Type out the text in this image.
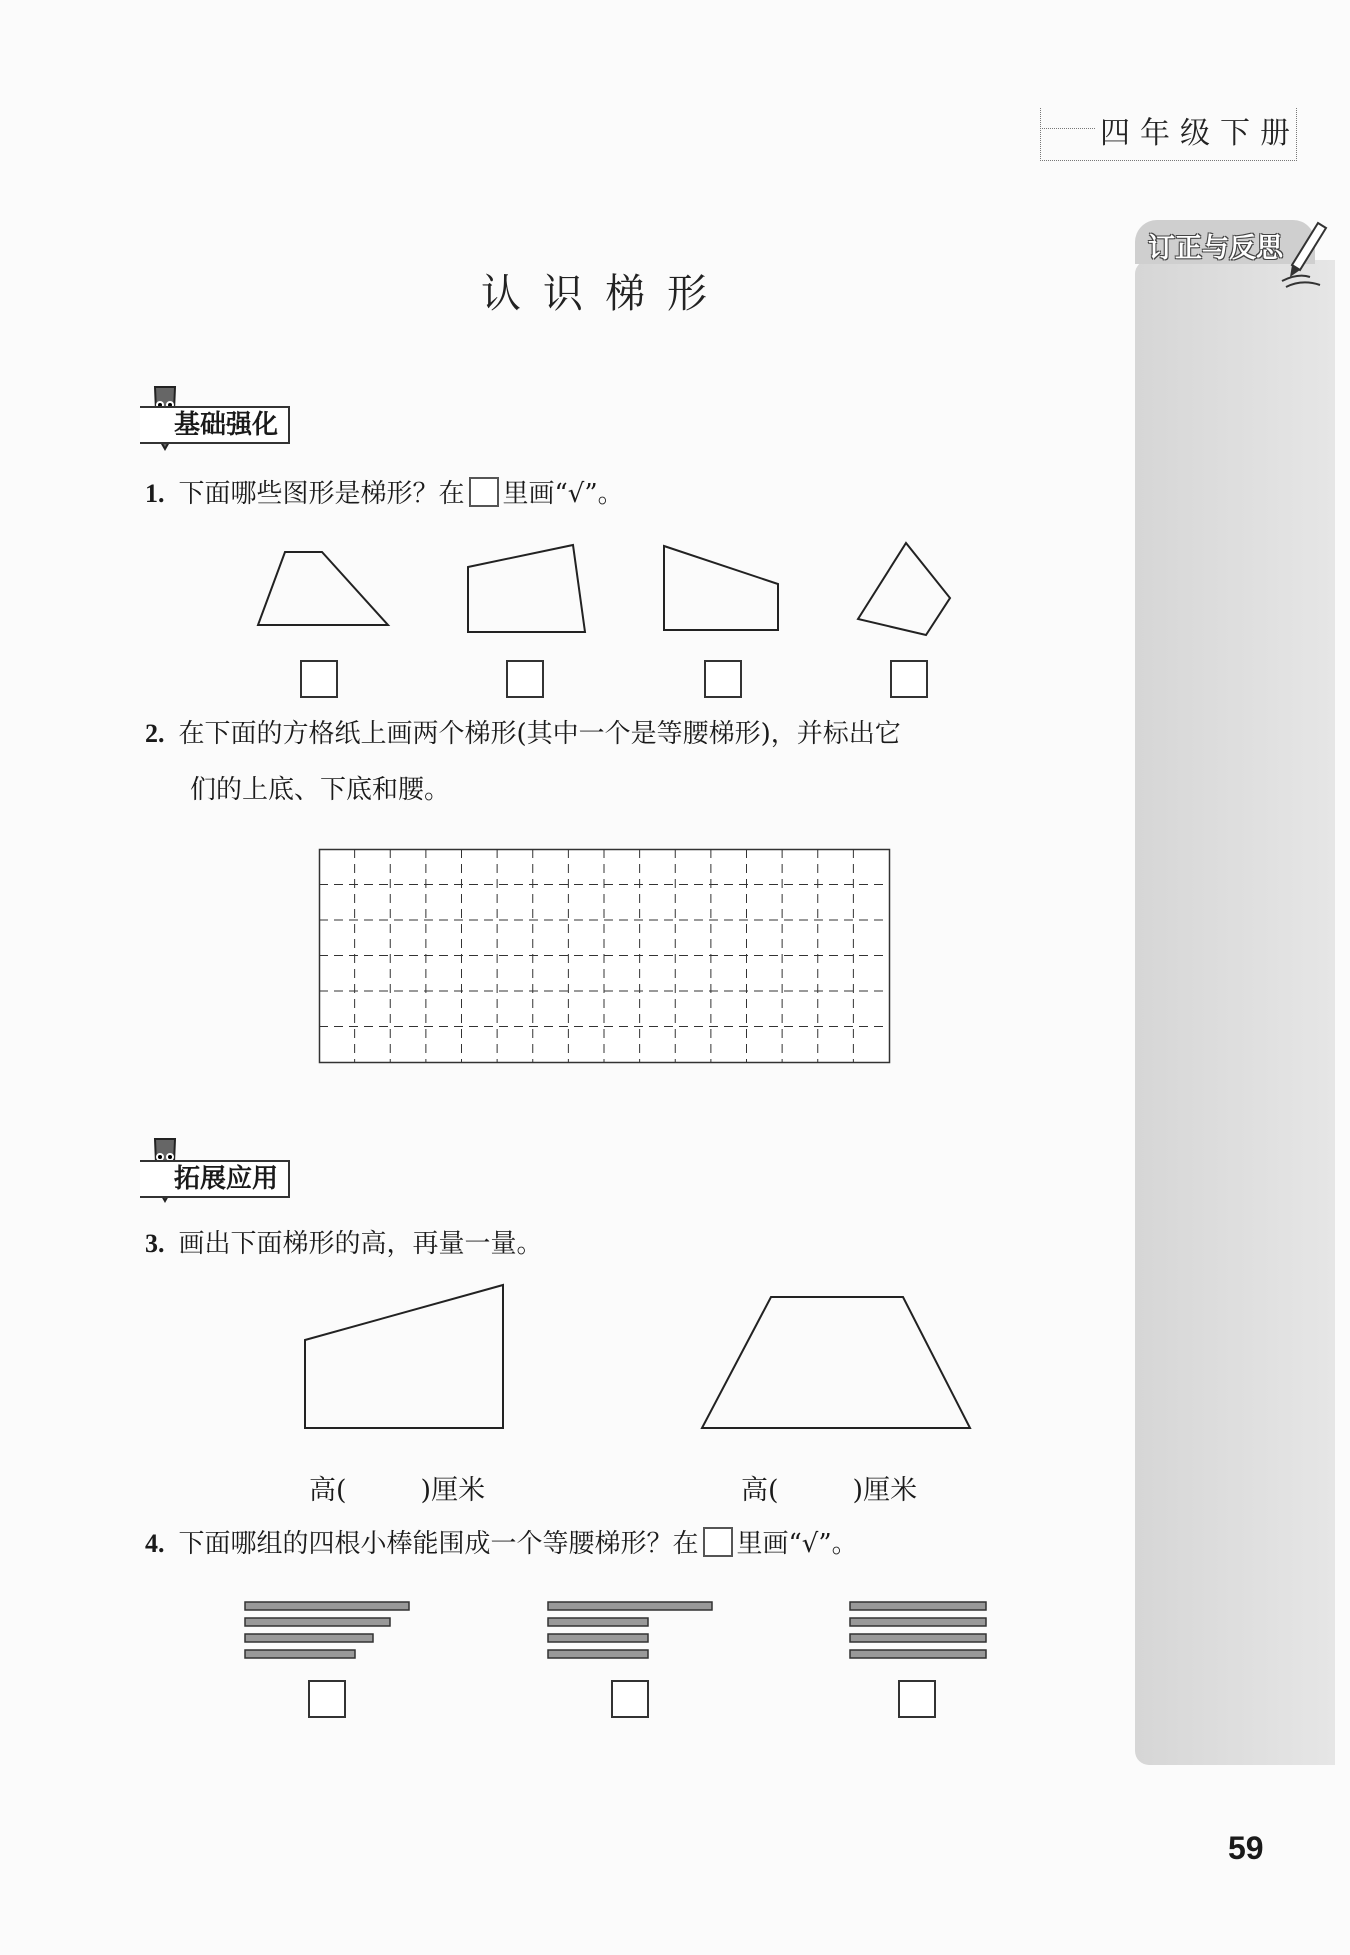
四年级下册
订正与反思
认识梯形
基础强化
1. 下面哪些图形是梯形？在 里画“√”。
2. 在下面的方格纸上画两个梯形(其中一个是等腰梯形)，并标出它
们的上底、下底和腰。
拓展应用
3. 画出下面梯形的高，再量一量。
高(	)厘米	高(	)厘米
4. 下面哪组的四根小棒能围成一个等腰梯形？在 里画“√”。
59
